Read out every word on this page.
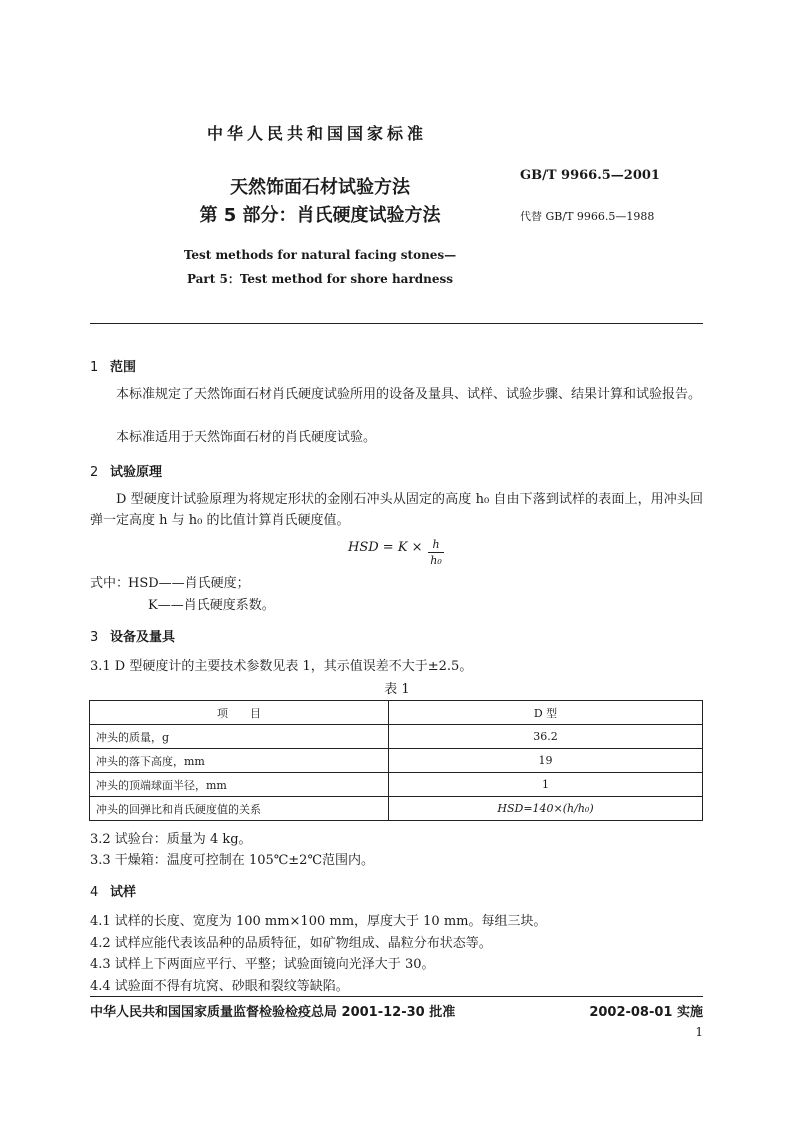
中华人民共和国国家标准
GB/T 9966.5—2001
代替 GB/T 9966.5—1988
天然饰面石材试验方法
第 5 部分：肖氏硬度试验方法
Test methods for natural facing stones—
Part 5：Test method for shore hardness
1 范围
本标准规定了天然饰面石材肖氏硬度试验所用的设备及量具、试样、试验步骤、结果计算和试验报告。
本标准适用于天然饰面石材的肖氏硬度试验。
2 试验原理
D 型硬度计试验原理为将规定形状的金刚石冲头从固定的高度 h₀ 自由下落到试样的表面上，用冲头回弹一定高度 h 与 h₀ 的比值计算肖氏硬度值。
HSD = K × h
h₀
式中：
HSD——肖氏硬度；
K——肖氏硬度系数。
3 设备及量具
3.1 D 型硬度计的主要技术参数见表 1，其示值误差不大于±2.5。
表 1
项　　目	D 型
冲头的质量，g	36.2
冲头的落下高度，mm	19
冲头的顶端球面半径，mm	1
冲头的回弹比和肖氏硬度值的关系	HSD=140×(h/h₀)
3.2 试验台：质量为 4 kg。
3.3 干燥箱：温度可控制在 105℃±2℃范围内。
4 试样
4.1 试样的长度、宽度为 100 mm×100 mm，厚度大于 10 mm。每组三块。
4.2 试样应能代表该品种的品质特征，如矿物组成、晶粒分布状态等。
4.3 试样上下两面应平行、平整；试验面镜向光泽大于 30。
4.4 试验面不得有坑窝、砂眼和裂纹等缺陷。
中华人民共和国国家质量监督检验检疫总局 2001-12-30 批准	2002-08-01 实施
1
